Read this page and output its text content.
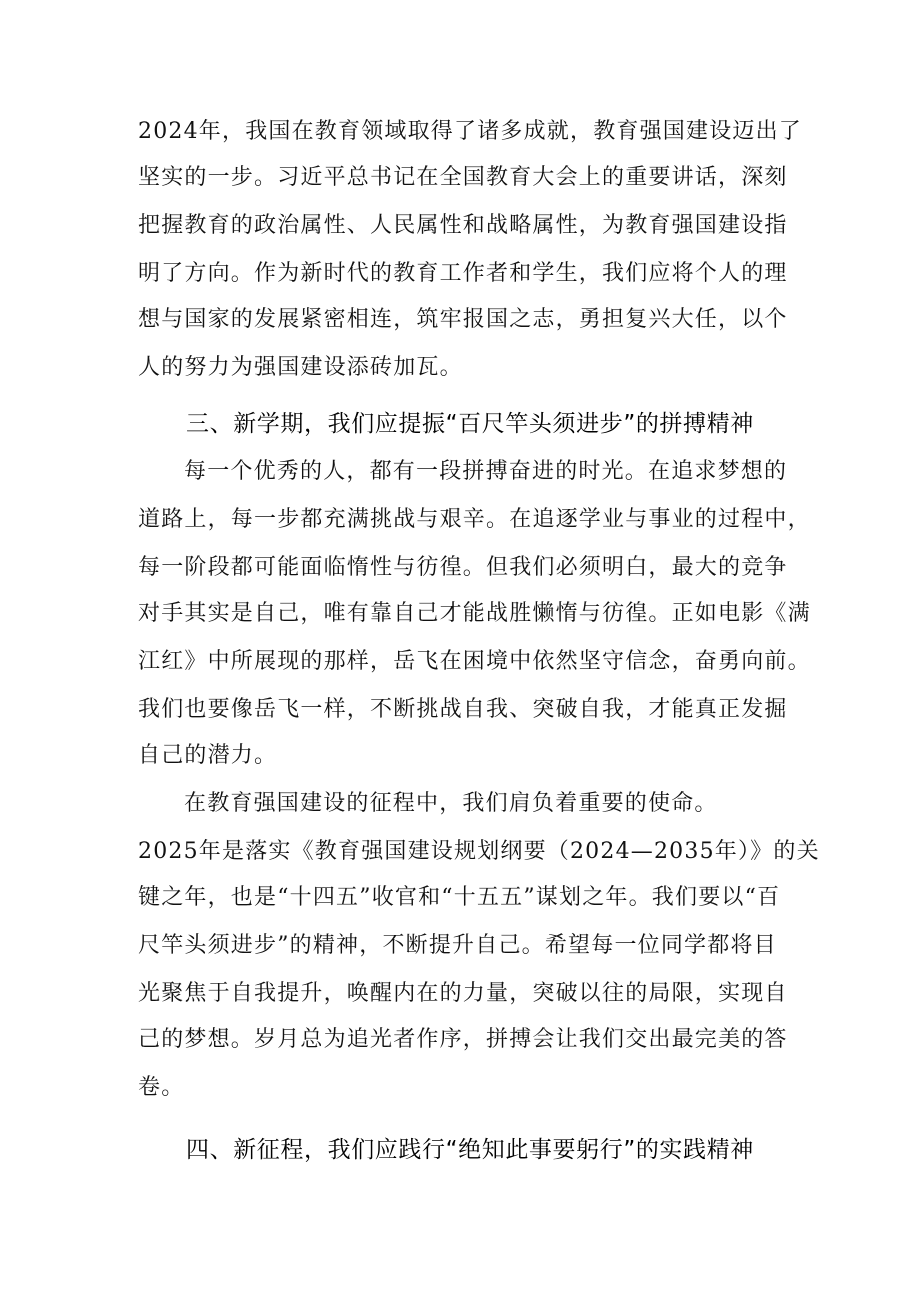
2024年，我国在教育领域取得了诸多成就，教育强国建设迈出了
坚实的一步。习近平总书记在全国教育大会上的重要讲话，深刻
把握教育的政治属性、人民属性和战略属性，为教育强国建设指
明了方向。作为新时代的教育工作者和学生，我们应将个人的理
想与国家的发展紧密相连，筑牢报国之志，勇担复兴大任，以个
人的努力为强国建设添砖加瓦。
三、新学期，我们应提振“百尺竿头须进步”的拼搏精神
每一个优秀的人，都有一段拼搏奋进的时光。在追求梦想的
道路上，每一步都充满挑战与艰辛。在追逐学业与事业的过程中，
每一阶段都可能面临惰性与彷徨。但我们必须明白，最大的竞争
对手其实是自己，唯有靠自己才能战胜懒惰与彷徨。正如电影《满
江红》中所展现的那样，岳飞在困境中依然坚守信念，奋勇向前。
我们也要像岳飞一样，不断挑战自我、突破自我，才能真正发掘
自己的潜力。
在教育强国建设的征程中，我们肩负着重要的使命。
2025年是落实《教育强国建设规划纲要（2024—2035年）》的关
键之年，也是“十四五”收官和“十五五”谋划之年。我们要以“百
尺竿头须进步”的精神，不断提升自己。希望每一位同学都将目
光聚焦于自我提升，唤醒内在的力量，突破以往的局限，实现自
己的梦想。岁月总为追光者作序，拼搏会让我们交出最完美的答
卷。
四、新征程，我们应践行“绝知此事要躬行”的实践精神
